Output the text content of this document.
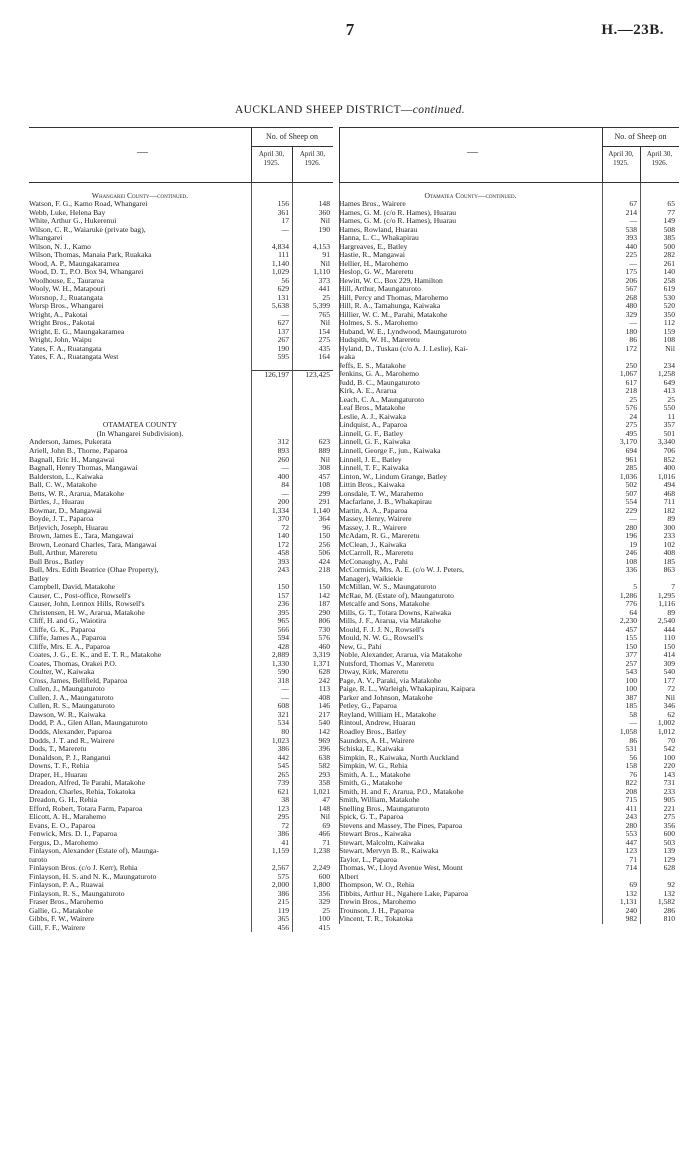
7	H.—23B.
AUCKLAND SHEEP DISTRICT—continued.
—
No. of Sheep on
April 30, 1925.
April 30, 1926.
Whangarei County—continued.
Watson, F. G., Kamo Road, Whangarei	156	148
Webb, Luke, Helena Bay	361	360
White, Arthur G., Hukerenui	17	Nil
Wilson, C. R., Waiaruke (private bag),	—	190
Whangarei
Wilson, N. J., Kamo	4,834	4,153
Wilson, Thomas, Manaia Park, Ruakaka	111	91
Wood, A. P., Maungakaramea	1,140	Nil
Wood, D. T., P.O. Box 94, Whangarei	1,029	1,110
Woolhouse, E., Tauraroa	56	373
Wooly, W. H., Matapouri	629	441
Worsnop, J., Ruatangata	131	25
Worsp Bros., Whangarei	5,638	5,399
Wright, A., Pakotai	—	765
Wright Bros., Pakotai	627	Nil
Wright, E. G., Maungakaramea	137	154
Wright, John, Waipu	267	275
Yates, F. A., Ruatangata	190	435
Yates, F. A., Ruatangata West	595	164
126,197	123,425
OTAMATEA COUNTY
(In Whangarei Subdivision).
Anderson, James, Pukerata	312	623
Ariell, John B., Thorne, Paparoa	893	889
Bagnall, Eric H., Mangawai	260	Nil
Bagnall, Henry Thomas, Mangawai	—	308
Balderston, L., Kaiwaka	400	457
Ball, C. W., Matakohe	84	108
Betts, W. R., Ararua, Matakohe	—	299
Birtles, J., Huarau	200	291
Bowmar, D., Mangawai	1,334	1,140
Boyde, J. T., Paparoa	370	364
Brljevich, Joseph, Huarau	72	96
Brown, James E., Tara, Mangawai	140	150
Brown, Leonard Charles, Tara, Mangawai	172	256
Bull, Arthur, Mareretu	458	506
Bull Bros., Batley	393	424
Bull, Mrs. Edith Beatrice (Ohae Property),	243	218
Batley
Campbell, David, Matakohe	150	150
Causer, C., Post-office, Rowsell's	157	142
Causer, John, Lennox Hills, Rowsell's	236	187
Christensen, H. W., Ararua, Matakohe	395	290
Cliff, H. and G., Waiotira	965	806
Cliffe, G. K., Paparoa	566	730
Cliffe, James A., Paparoa	594	576
Cliffe, Mrs. E. A., Paparoa	428	460
Coates, J. G., E. K., and E. T. R., Matakohe	2,889	3,319
Coates, Thomas, Orakei P.O.	1,330	1,371
Coulter, W., Kaiwaka	590	628
Cross, James, Bellfield, Paparoa	318	242
Cullen, J., Maungaturoto	—	113
Cullen, J. A., Maungaturoto	—	408
Cullen, R. S., Maungaturoto	608	146
Dawson, W. R., Kaiwaka	321	217
Dodd, P. A., Glen Allan, Maungaturoto	534	540
Dodds, Alexander, Paparoa	80	142
Dodds, J. T. and R., Wairere	1,023	969
Dods, T., Mareretu	386	396
Donaldson, P. J., Ranganui	442	638
Downs, T. F., Rehia	545	582
Draper, H., Huarau	265	293
Dreadon, Alfred, Te Parahi, Matakohe	739	358
Dreadon, Charles, Rehia, Tokatoka	621	1,021
Dreadon, G. H., Rehia	38	47
Efford, Robert, Totara Farm, Paparoa	123	148
Elicott, A. H., Marahemo	295	Nil
Evans, E. O., Paparoa	72	69
Fenwick, Mrs. D. I., Paparoa	386	466
Fergus, D., Marohemo	41	71
Finlayson, Alexander (Estate of), Maunga-	1,159	1,238
turoto
Finlayson Bros. (c/o J. Kerr), Rehia	2,567	2,249
Finlayson, H. S. and N. K., Maungaturoto	575	600
Finlayson, P. A., Ruawai	2,000	1,800
Finlayson, R. S., Maungaturoto	386	356
Fraser Bros., Marohemo	215	329
Gallie, G., Matakohe	119	25
Gibbs, F. W., Wairere	365	100
Gill, F. F., Wairere	456	415
—
No. of Sheep on
April 30, 1925.
April 30, 1926.
Otamatea County—continued.
Hames Bros., Wairere	67	65
Hames, G. M. (c/o R. Hames), Huarau	214	77
Hames, G. M. (c/o R. Hames), Huarau	—	149
Hames, Rowland, Huarau	538	508
Hanna, L. C., Whakapirau	393	385
Hargreaves, E., Batley	440	500
Hastie, R., Mangawai	225	282
Hellier, H., Marohemo	—	261
Heslop, G. W., Mareretu	175	140
Hewitt, W. C., Box 229, Hamilton	206	258
Hill, Arthur, Maungaturoto	567	619
Hill, Percy and Thomas, Marohemo	268	530
Hill, R. A., Tamahunga, Kaiwaka	480	520
Hillier, W. C. M., Parahi, Matakohe	329	350
Holmes, S. S., Marohemo	—	112
Huband, W. E., Lyndwood, Maungaturoto	180	159
Hudspith, W. H., Mareretu	86	108
Hyland, D., Tuskau (c/o A. J. Leslie), Kai-	172	Nil
waka
Jeffs, E. S., Matakohe	250	234
Jenkins, G. A., Marohemo	1,067	1,258
Judd, B. C., Maungaturoto	617	649
Kirk, A. E., Ararua	218	413
Leach, C. A., Maungaturoto	25	25
Leaf Bros., Matakohe	576	550
Leslie, A. J., Kaiwaka	24	11
Lindquist, A., Paparoa	275	357
Linnell, G. F., Batley	495	501
Linnell, G. F., Kaiwaka	3,170	3,340
Linnell, George F., jun., Kaiwaka	694	706
Linnell, J. E., Batley	961	852
Linnell, T. F., Kaiwaka	285	400
Linton, W., Lindum Grange, Batley	1,036	1,016
Littin Bros., Kaiwaka	502	494
Lonsdale, T. W., Marahemo	507	468
Macfarlane, J. B., Whakapirau	554	711
Martin, A. A., Paparoa	229	182
Massey, Henry, Wairere	—	89
Massey, J. R., Wairere	280	300
McAdam, R. G., Mareretu	196	233
McClean, J., Kaiwaka	19	102
McCarroll, R., Mareretu	246	408
McConaughy, A., Pahi	108	185
McCormick, Mrs. A. E. (c/o W. J. Peters,	336	863
Manager), Waikiekie
McMillan, W. S., Maungaturoto	5	7
McRae, M. (Estate of), Maungaturoto	1,286	1,295
Metcalfe and Sons, Matakohe	776	1,116
Mills, G. T., Totara Downs, Kaiwaka	64	89
Mills, J. F., Ararua, via Matakohe	2,230	2,540
Mould, F. J. J. N., Rowsell's	457	444
Mould, N. W. G., Rowsell's	155	110
New, G., Pahi	150	150
Noble, Alexander, Ararua, via Matakohe	377	414
Nutsford, Thomas V., Mareretu	257	309
Otway, Kirk, Mareretu	543	540
Page, A. V., Paraki, via Matakohe	100	177
Paige, R. L., Warleigh, Whakapirau, Kaipara	100	72
Parker and Johnson, Matakohe	387	Nil
Petley, G., Paparoa	185	346
Reyland, William H., Matakohe	58	62
Rintoul, Andrew, Huarau	—	1,002
Roadley Bros., Batley	1,058	1,012
Saunders, A. H., Wairere	86	70
Schiska, E., Kaiwaka	531	542
Simpkin, R., Kaiwaka, North Auckland	56	100
Simpkin, W. G., Rehia	158	220
Smith, A. L., Matakohe	76	143
Smith, G., Matakohe	822	731
Smith, H. and F., Ararua, P.O., Matakohe	208	233
Smith, William, Matakohe	715	905
Snelling Bros., Maungaturoto	411	221
Spick, G. T., Paparoa	243	275
Stevens and Massey, The Pines, Paparoa	280	356
Stewart Bros., Kaiwaka	553	600
Stewart, Malcolm, Kaiwaka	447	503
Stewart, Mervyn B. R., Kaiwaka	123	139
Taylor, L., Paparoa	71	129
Thomas, W., Lloyd Avenue West, Mount	714	628
Albert
Thompson, W. O., Rehia	69	92
Tibbits, Arthur H., Ngahere Lake, Paparoa	132	132
Trewin Bros., Marohemo	1,131	1,582
Trounson, J. H., Paparoa	240	286
Vincent, T. R., Tokatoka	982	810
